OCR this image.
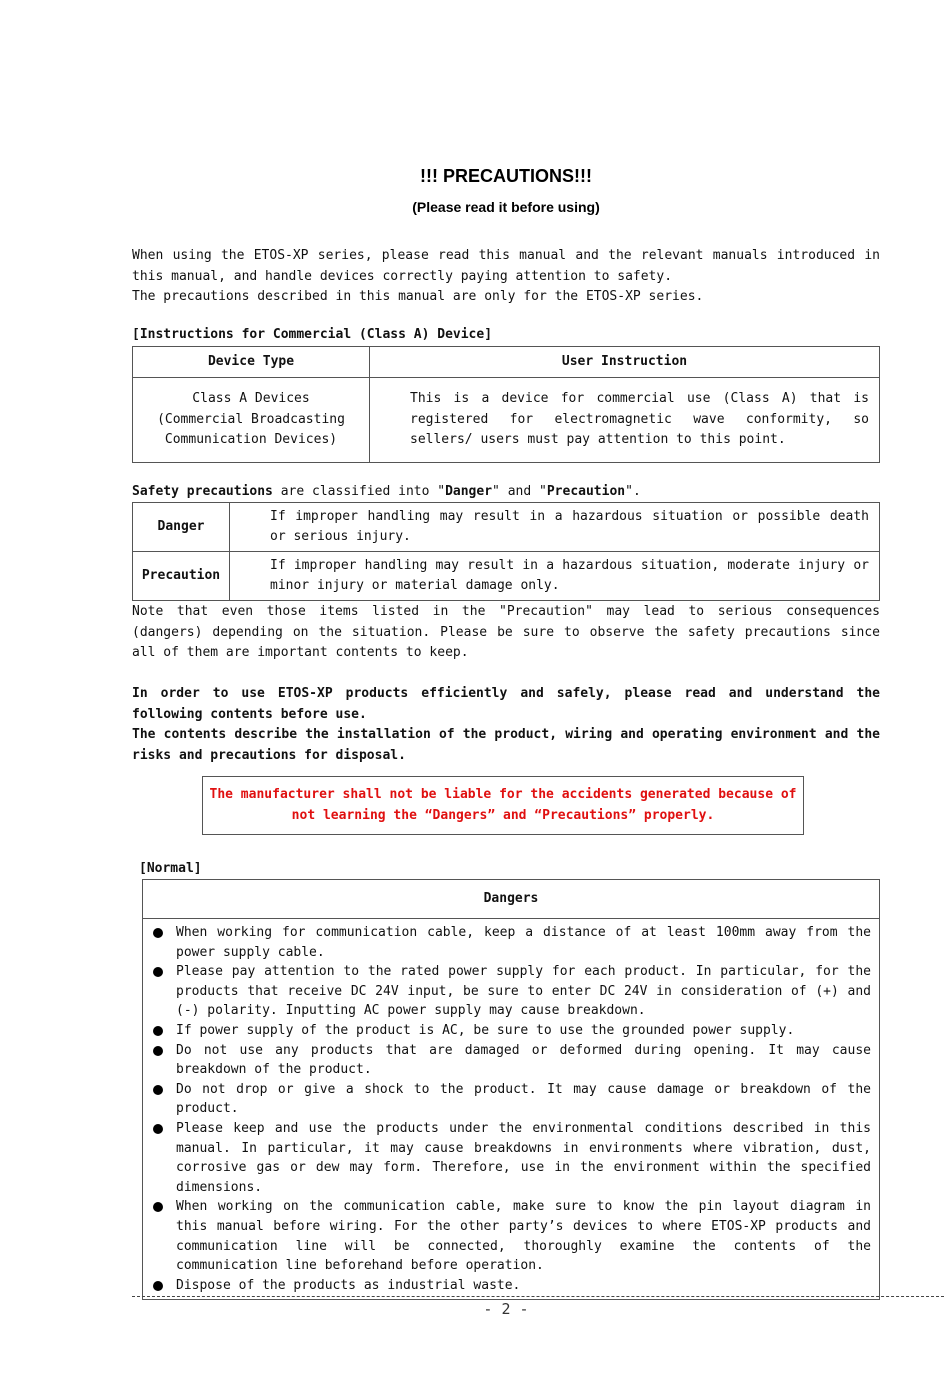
!!! PRECAUTIONS!!!
(Please read it before using)

When using the ETOS-XP series, please read this manual and the relevant manuals introduced in this manual, and handle devices correctly paying attention to safety.

The precautions described in this manual are only for the ETOS-XP series.

[Instructions for Commercial (Class A) Device]
Device Type	User Instruction

Class A Devices
(Commercial Broadcasting
Communication Devices)	This is a device for commercial use (Class A) that is registered for electromagnetic wave conformity, so sellers/ users must pay attention to this point.
Safety precautions are classified into "Danger" and "Precaution".
Danger	If improper handling may result in a hazardous situation or possible death or serious injury.
Precaution	If improper handling may result in a hazardous situation, moderate injury or minor injury or material damage only.
Note that even those items listed in the "Precaution" may lead to serious consequences (dangers) depending on the situation. Please be sure to observe the safety precautions since all of them are important contents to keep.

In order to use ETOS-XP products efficiently and safely, please read and understand the following contents before use.

The contents describe the installation of the product, wiring and operating environment and the risks and precautions for disposal.

The manufacturer shall not be liable for the accidents generated because of
not learning the “Dangers” and “Precautions” properly.
[Normal]
Dangers

When working for communication cable, keep a distance of at least 100mm away from the power supply cable.
Please pay attention to the rated power supply for each product. In particular, for the products that receive DC 24V input, be sure to enter DC 24V in consideration of (+) and (-) polarity. Inputting AC power supply may cause breakdown.
If power supply of the product is AC, be sure to use the grounded power supply.
Do not use any products that are damaged or deformed during opening. It may cause breakdown of the product.
Do not drop or give a shock to the product. It may cause damage or breakdown of the product.
Please keep and use the products under the environmental conditions described in this manual. In particular, it may cause breakdowns in environments where vibration, dust, corrosive gas or dew may form. Therefore, use in the environment within the specified dimensions.
When working on the communication cable, make sure to know the pin layout diagram in this manual before wiring. For the other party’s devices to where ETOS-XP products and communication line will be connected, thoroughly examine the contents of the communication line beforehand before operation.
Dispose of the products as industrial waste.
- 2 -
